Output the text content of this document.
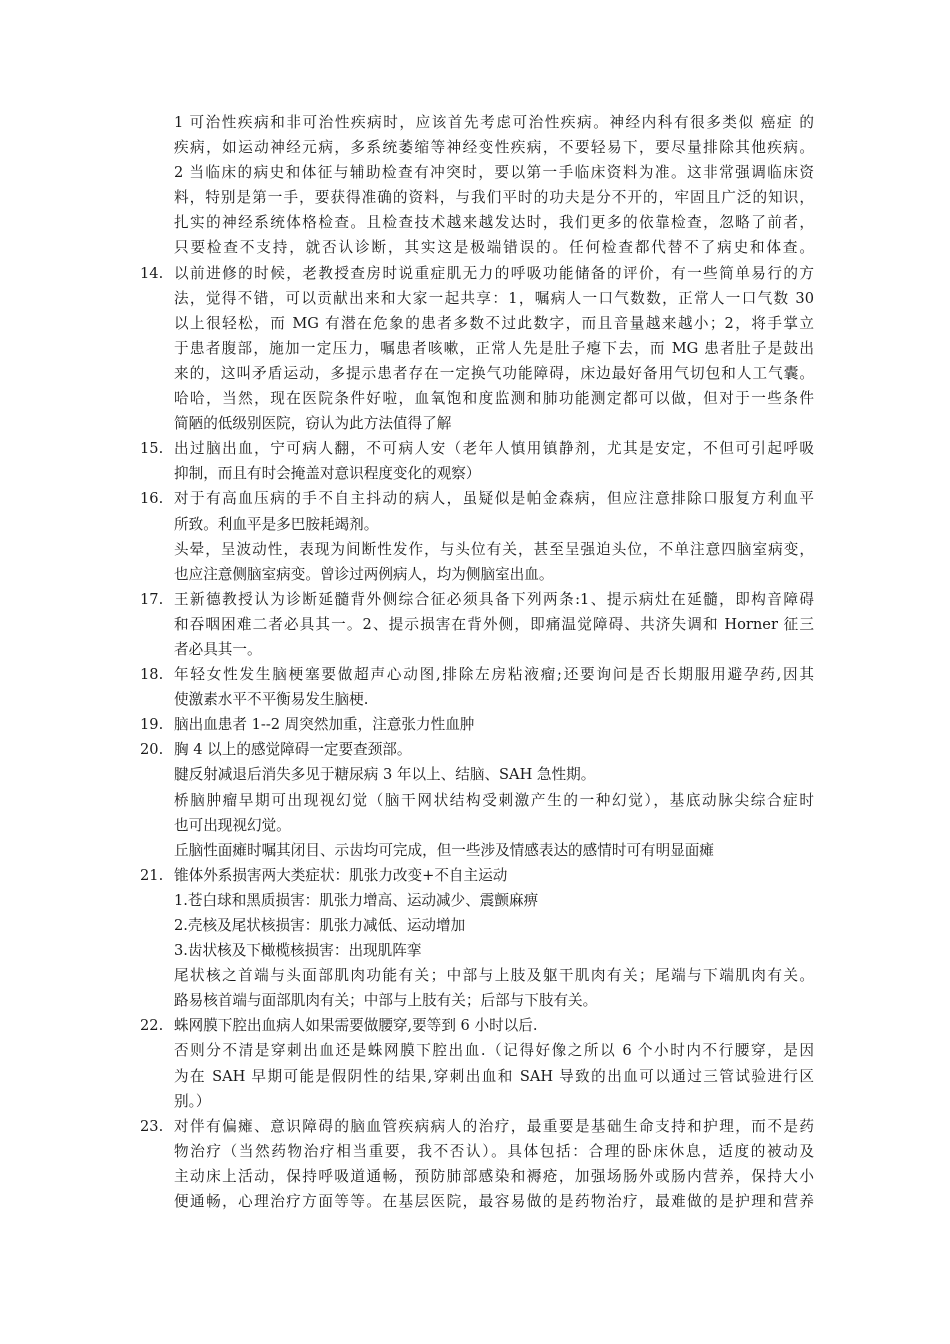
1 可治性疾病和非可治性疾病时，应该首先考虑可治性疾病。神经内科有很多类似 癌症 的
疾病，如运动神经元病，多系统萎缩等神经变性疾病，不要轻易下，要尽量排除其他疾病。
2 当临床的病史和体征与辅助检查有冲突时，要以第一手临床资料为准。这非常强调临床资
料，特别是第一手，要获得准确的资料，与我们平时的功夫是分不开的，牢固且广泛的知识，
扎实的神经系统体格检查。且检查技术越来越发达时，我们更多的依靠检查，忽略了前者，
只要检查不支持，就否认诊断，其实这是极端错误的。任何检查都代替不了病史和体查。
14. 以前进修的时候，老教授查房时说重症肌无力的呼吸功能储备的评价，有一些简单易行的方
法，觉得不错，可以贡献出来和大家一起共享：1，嘱病人一口气数数，正常人一口气数 30
以上很轻松，而 MG 有潜在危象的患者多数不过此数字，而且音量越来越小；2，将手掌立
于患者腹部，施加一定压力，嘱患者咳嗽，正常人先是肚子瘪下去，而 MG 患者肚子是鼓出
来的，这叫矛盾运动，多提示患者存在一定换气功能障碍，床边最好备用气切包和人工气囊。
哈哈，当然，现在医院条件好啦，血氧饱和度监测和肺功能测定都可以做，但对于一些条件
简陋的低级别医院，窃认为此方法值得了解
15. 出过脑出血，宁可病人翻，不可病人安（老年人慎用镇静剂，尤其是安定，不但可引起呼吸
抑制，而且有时会掩盖对意识程度变化的观察）
16. 对于有高血压病的手不自主抖动的病人，虽疑似是帕金森病，但应注意排除口服复方利血平
所致。利血平是多巴胺耗竭剂。
头晕，呈波动性，表现为间断性发作，与头位有关，甚至呈强迫头位，不单注意四脑室病变，
也应注意侧脑室病变。曾诊过两例病人，均为侧脑室出血。
17. 王新德教授认为诊断延髓背外侧综合征必须具备下列两条:1、提示病灶在延髓，即构音障碍
和吞咽困难二者必具其一。2、提示损害在背外侧，即痛温觉障碍、共济失调和 Horner 征三
者必具其一。
18. 年轻女性发生脑梗塞要做超声心动图,排除左房粘液瘤;还要询问是否长期服用避孕药,因其
使激素水平不平衡易发生脑梗.
19. 脑出血患者 1--2 周突然加重，注意张力性血肿
20. 胸 4 以上的感觉障碍一定要查颈部。
腱反射减退后消失多见于糖尿病 3 年以上、结脑、SAH 急性期。
桥脑肿瘤早期可出现视幻觉（脑干网状结构受刺激产生的一种幻觉），基底动脉尖综合症时
也可出现视幻觉。
丘脑性面瘫时嘱其闭目、示齿均可完成，但一些涉及情感表达的感情时可有明显面瘫
21. 锥体外系损害两大类症状：肌张力改变+不自主运动
1.苍白球和黑质损害：肌张力增高、运动减少、震颤麻痹
2.壳核及尾状核损害：肌张力减低、运动增加
3.齿状核及下橄榄核损害：出现肌阵挛
尾状核之首端与头面部肌肉功能有关；中部与上肢及躯干肌肉有关；尾端与下端肌肉有关。
路易核首端与面部肌肉有关；中部与上肢有关；后部与下肢有关。
22. 蛛网膜下腔出血病人如果需要做腰穿,要等到 6 小时以后.
否则分不清是穿刺出血还是蛛网膜下腔出血.（记得好像之所以 6 个小时内不行腰穿，是因
为在 SAH 早期可能是假阴性的结果,穿刺出血和 SAH 导致的出血可以通过三管试验进行区
别。）
23. 对伴有偏瘫、意识障碍的脑血管疾病病人的治疗，最重要是基础生命支持和护理，而不是药
物治疗（当然药物治疗相当重要，我不否认）。具体包括：合理的卧床休息，适度的被动及
主动床上活动，保持呼吸道通畅，预防肺部感染和褥疮，加强场肠外或肠内营养，保持大小
便通畅，心理治疗方面等等。在基层医院，最容易做的是药物治疗，最难做的是护理和营养
